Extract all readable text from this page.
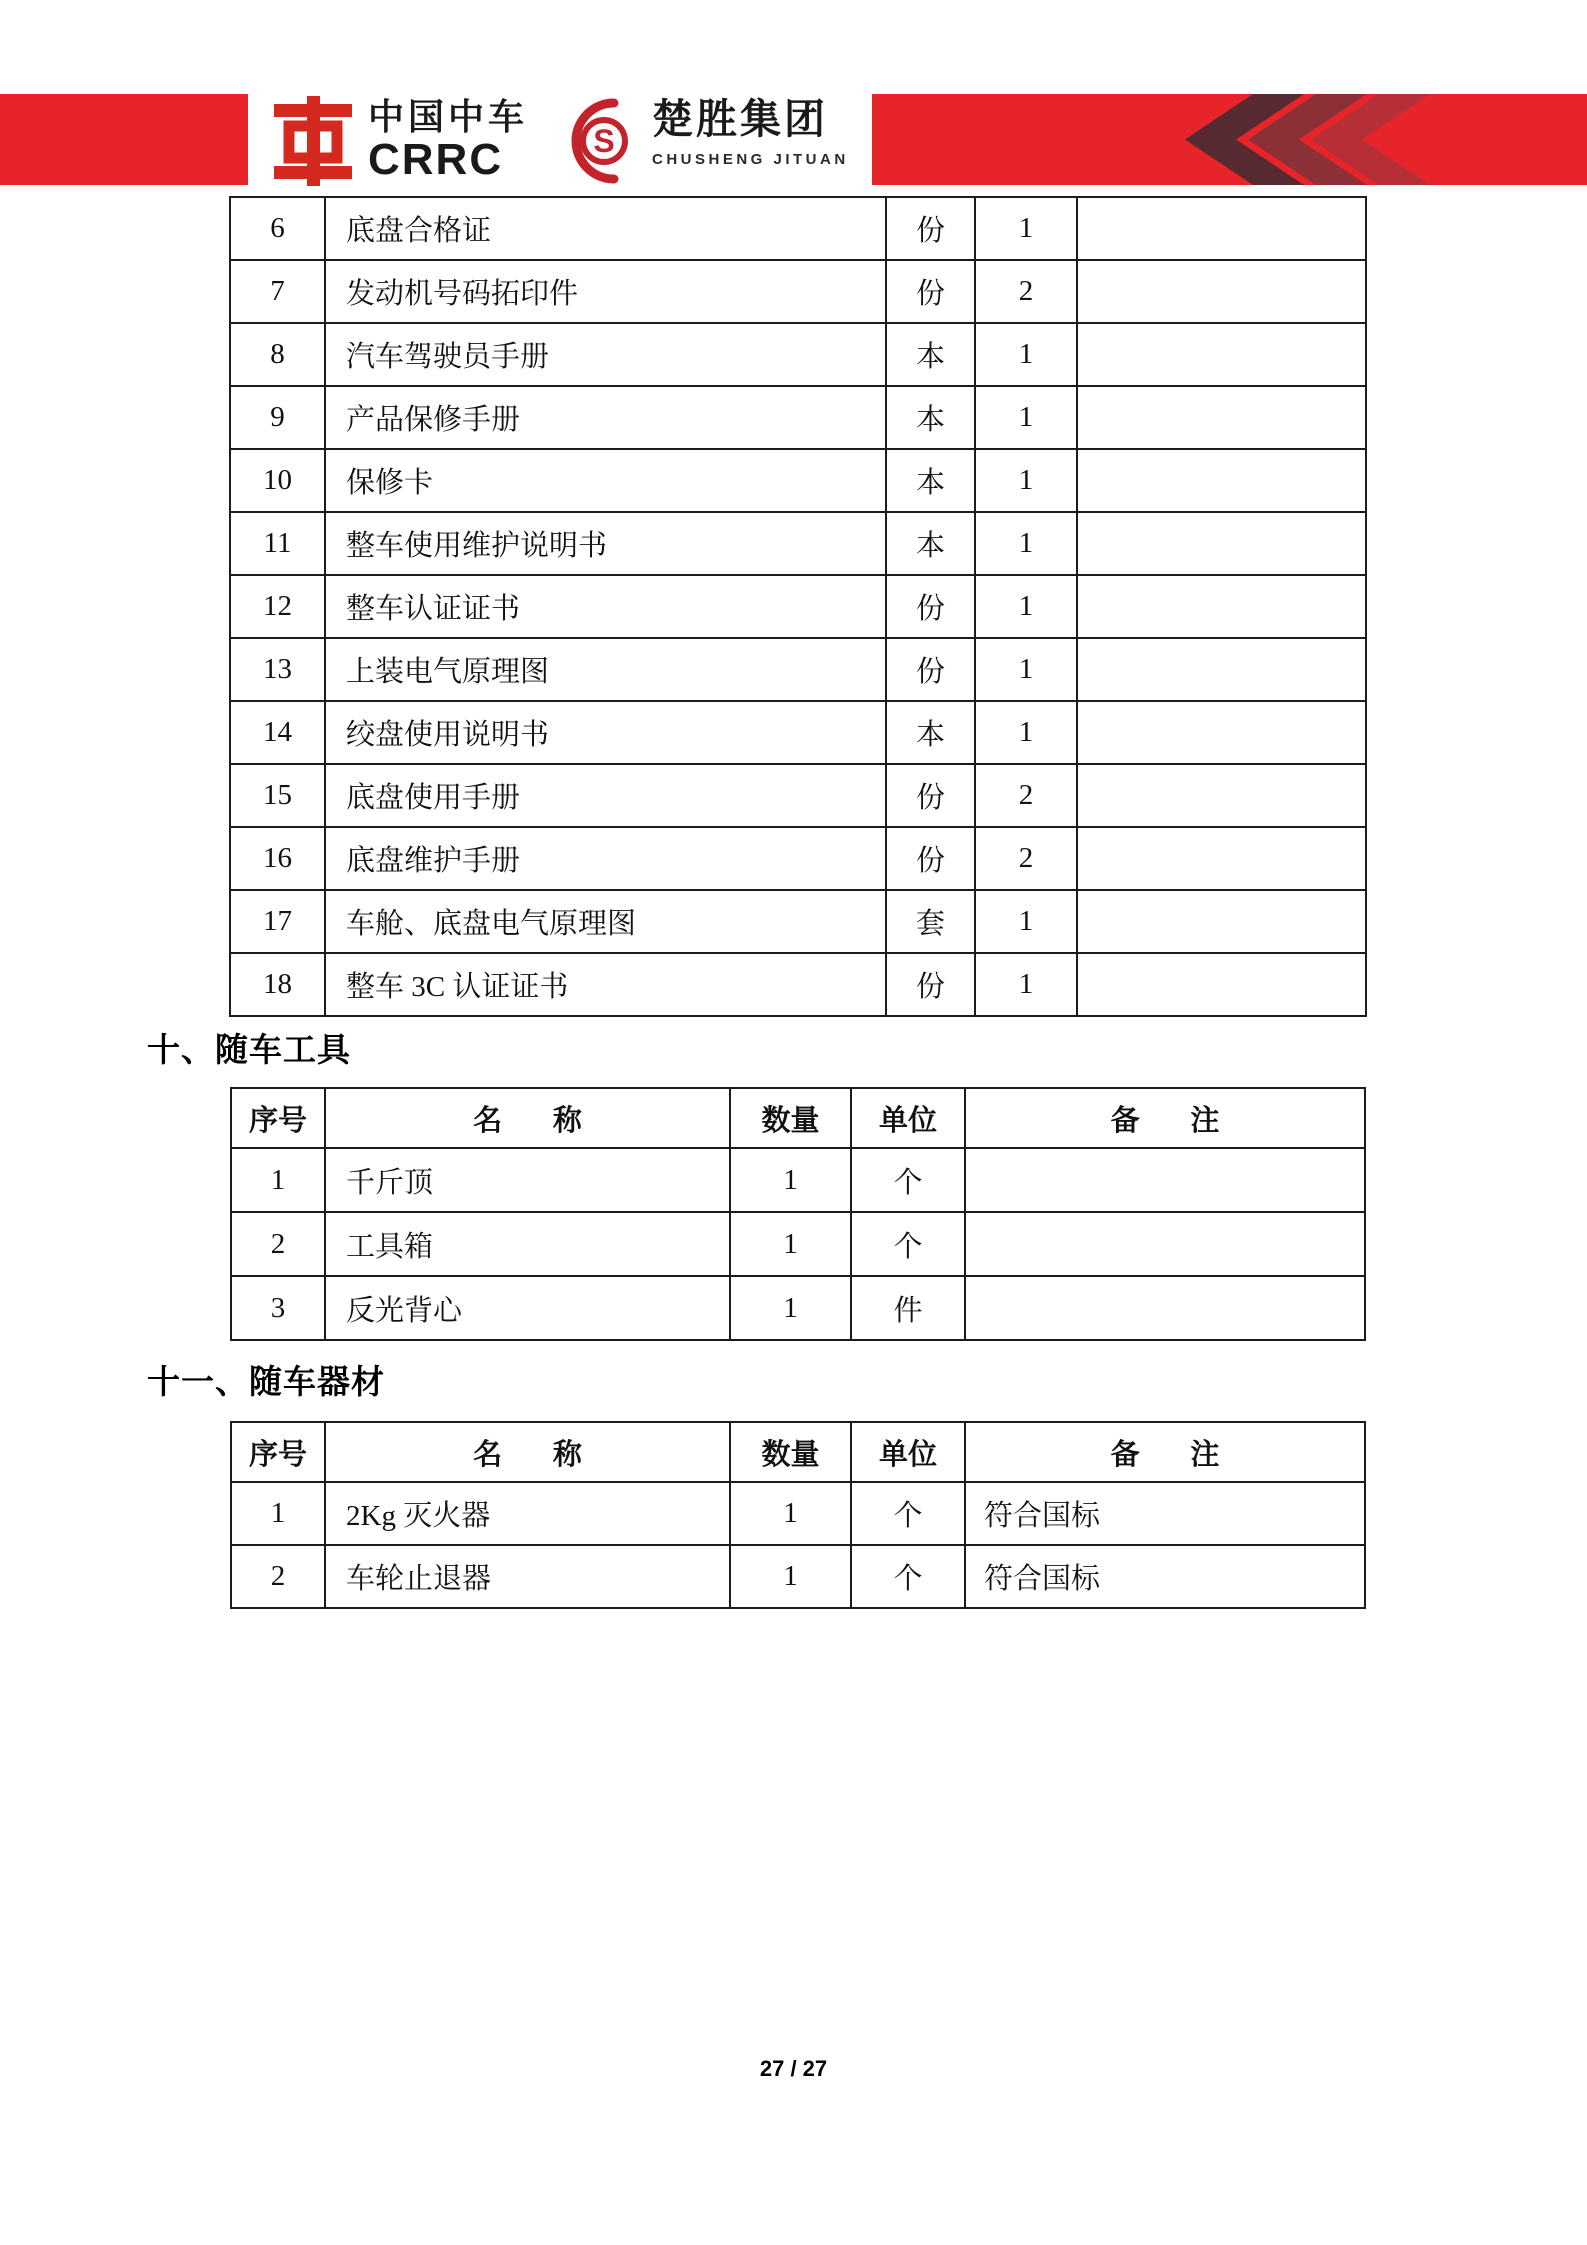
中国中车
CRRC	S 楚胜集团
CHUSHENG JITUAN
6	底盘合格证	份	1	
7	发动机号码拓印件	份	2	
8	汽车驾驶员手册	本	1	
9	产品保修手册	本	1	
10	保修卡	本	1	
11	整车使用维护说明书	本	1	
12	整车认证证书	份	1	
13	上装电气原理图	份	1	
14	绞盘使用说明书	本	1	
15	底盘使用手册	份	2	
16	底盘维护手册	份	2	
17	车舱、底盘电气原理图	套	1	
18	整车 3C 认证证书	份	1	
十、随车工具
序号	名       称	数量	单位	备       注
1	千斤顶	1	个	
2	工具箱	1	个	
3	反光背心	1	件	
十一、随车器材
序号	名       称	数量	单位	备       注
1	2Kg 灭火器	1	个	符合国标
2	车轮止退器	1	个	符合国标
27 / 27
